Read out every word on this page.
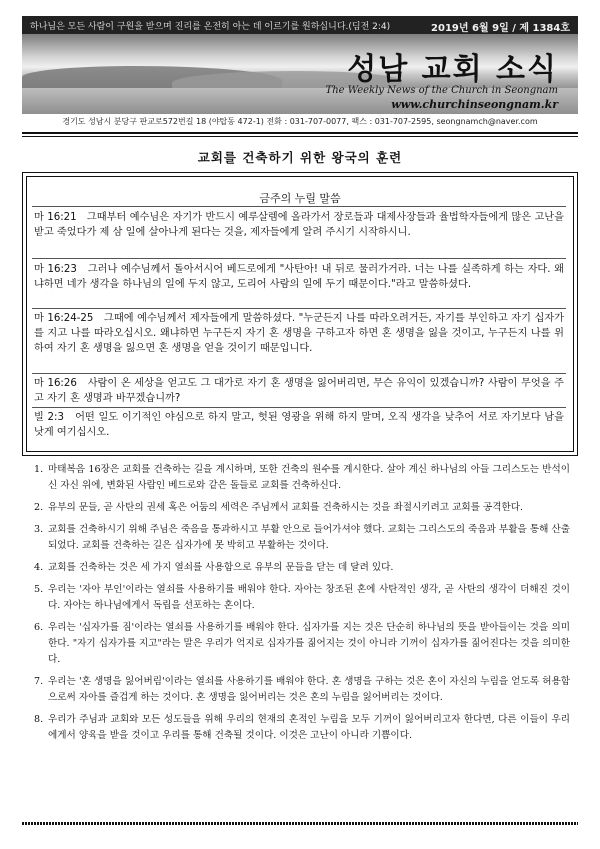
하나님은 모든 사람이 구원을 받으며 진리를 온전히 아는 데 이르기를 원하십니다.(딤전 2:4)	2019년 6월 9일 / 제 1384호
성남 교회 소식
The Weekly News of the Church in Seongnam
www.churchinseongnam.kr
경기도 성남시 분당구 판교로572번길 18 (야탑동 472-1) 전화 : 031-707-0077, 팩스 : 031-707-2595, seongnamch@naver.com
교회를 건축하기 위한 왕국의 훈련
금주의 누릴 말씀
마 16:21 그때부터 예수님은 자기가 반드시 예루살렘에 올라가서 장로들과 대제사장들과 율법학자들에게 많은 고난을 받고 죽었다가 제 삼 일에 살아나게 된다는 것을, 제자들에게 알려 주시기 시작하시니.
마 16:23 그러나 예수님께서 돌아서시어 베드로에게 "사탄아! 내 뒤로 물러가거라. 너는 나를 실족하게 하는 자다. 왜냐하면 네가 생각을 하나님의 일에 두지 않고, 도리어 사람의 일에 두기 때문이다."라고 말씀하셨다.
마 16:24-25 그때에 예수님께서 제자들에게 말씀하셨다. "누군든지 나를 따라오려거든, 자기를 부인하고 자기 십자가를 지고 나를 따라오십시오. 왜냐하면 누구든지 자기 혼 생명을 구하고자 하면 혼 생명을 잃을 것이고, 누구든지 나를 위하여 자기 혼 생명을 잃으면 혼 생명을 얻을 것이기 때문입니다.
마 16:26 사람이 온 세상을 얻고도 그 대가로 자기 혼 생명을 잃어버리면, 무슨 유익이 있겠습니까? 사람이 무엇을 주고 자기 혼 생명과 바꾸겠습니까?
빌 2:3 어떤 일도 이기적인 야심으로 하지 말고, 헛된 영광을 위해 하지 말며, 오직 생각을 낮추어 서로 자기보다 남을 낫게 여기십시오.
1. 마태복음 16장은 교회를 건축하는 길을 계시하며, 또한 건축의 원수를 계시한다. 살아 계신 하나님의 아들 그리스도는 반석이신 자신 위에, 변화된 사람인 베드로와 같은 돌들로 교회를 건축하신다.
2. 유부의 문들, 곧 사탄의 권세 혹은 어둠의 세력은 주님께서 교회를 건축하시는 것을 좌절시키려고 교회를 공격한다.
3. 교회를 건축하시기 위해 주님은 죽음을 통과하시고 부활 안으로 들어가셔야 했다. 교회는 그리스도의 죽음과 부활을 통해 산출되었다. 교회를 건축하는 길은 십자가에 못 박히고 부활하는 것이다.
4. 교회를 건축하는 것은 세 가지 열쇠를 사용함으로 유부의 문들을 닫는 데 달려 있다.
5. 우리는 '자아 부인'이라는 열쇠를 사용하기를 배워야 한다. 자아는 창조된 혼에 사탄적인 생각, 곧 사탄의 생각이 더해진 것이다. 자아는 하나님에게서 독립을 선포하는 혼이다.
6. 우리는 '십자가를 짐'이라는 열쇠를 사용하기를 배워야 한다. 십자가를 지는 것은 단순히 하나님의 뜻을 받아들이는 것을 의미한다. "자기 십자가를 지고"라는 말은 우리가 억지로 십자가를 짊어지는 것이 아니라 기꺼이 십자가를 짊어진다는 것을 의미한다.
7. 우리는 '혼 생명을 잃어버림'이라는 열쇠를 사용하기를 배워야 한다. 혼 생명을 구하는 것은 혼이 자신의 누림을 얻도록 허용함으로써 자아를 즐겁게 하는 것이다. 혼 생명을 잃어버리는 것은 혼의 누림을 잃어버리는 것이다.
8. 우리가 주님과 교회와 모든 성도들을 위해 우리의 현재의 혼적인 누림을 모두 기꺼이 잃어버리고자 한다면, 다른 이들이 우리에게서 양육을 받을 것이고 우리를 통해 건축될 것이다. 이것은 고난이 아니라 기쁨이다.
